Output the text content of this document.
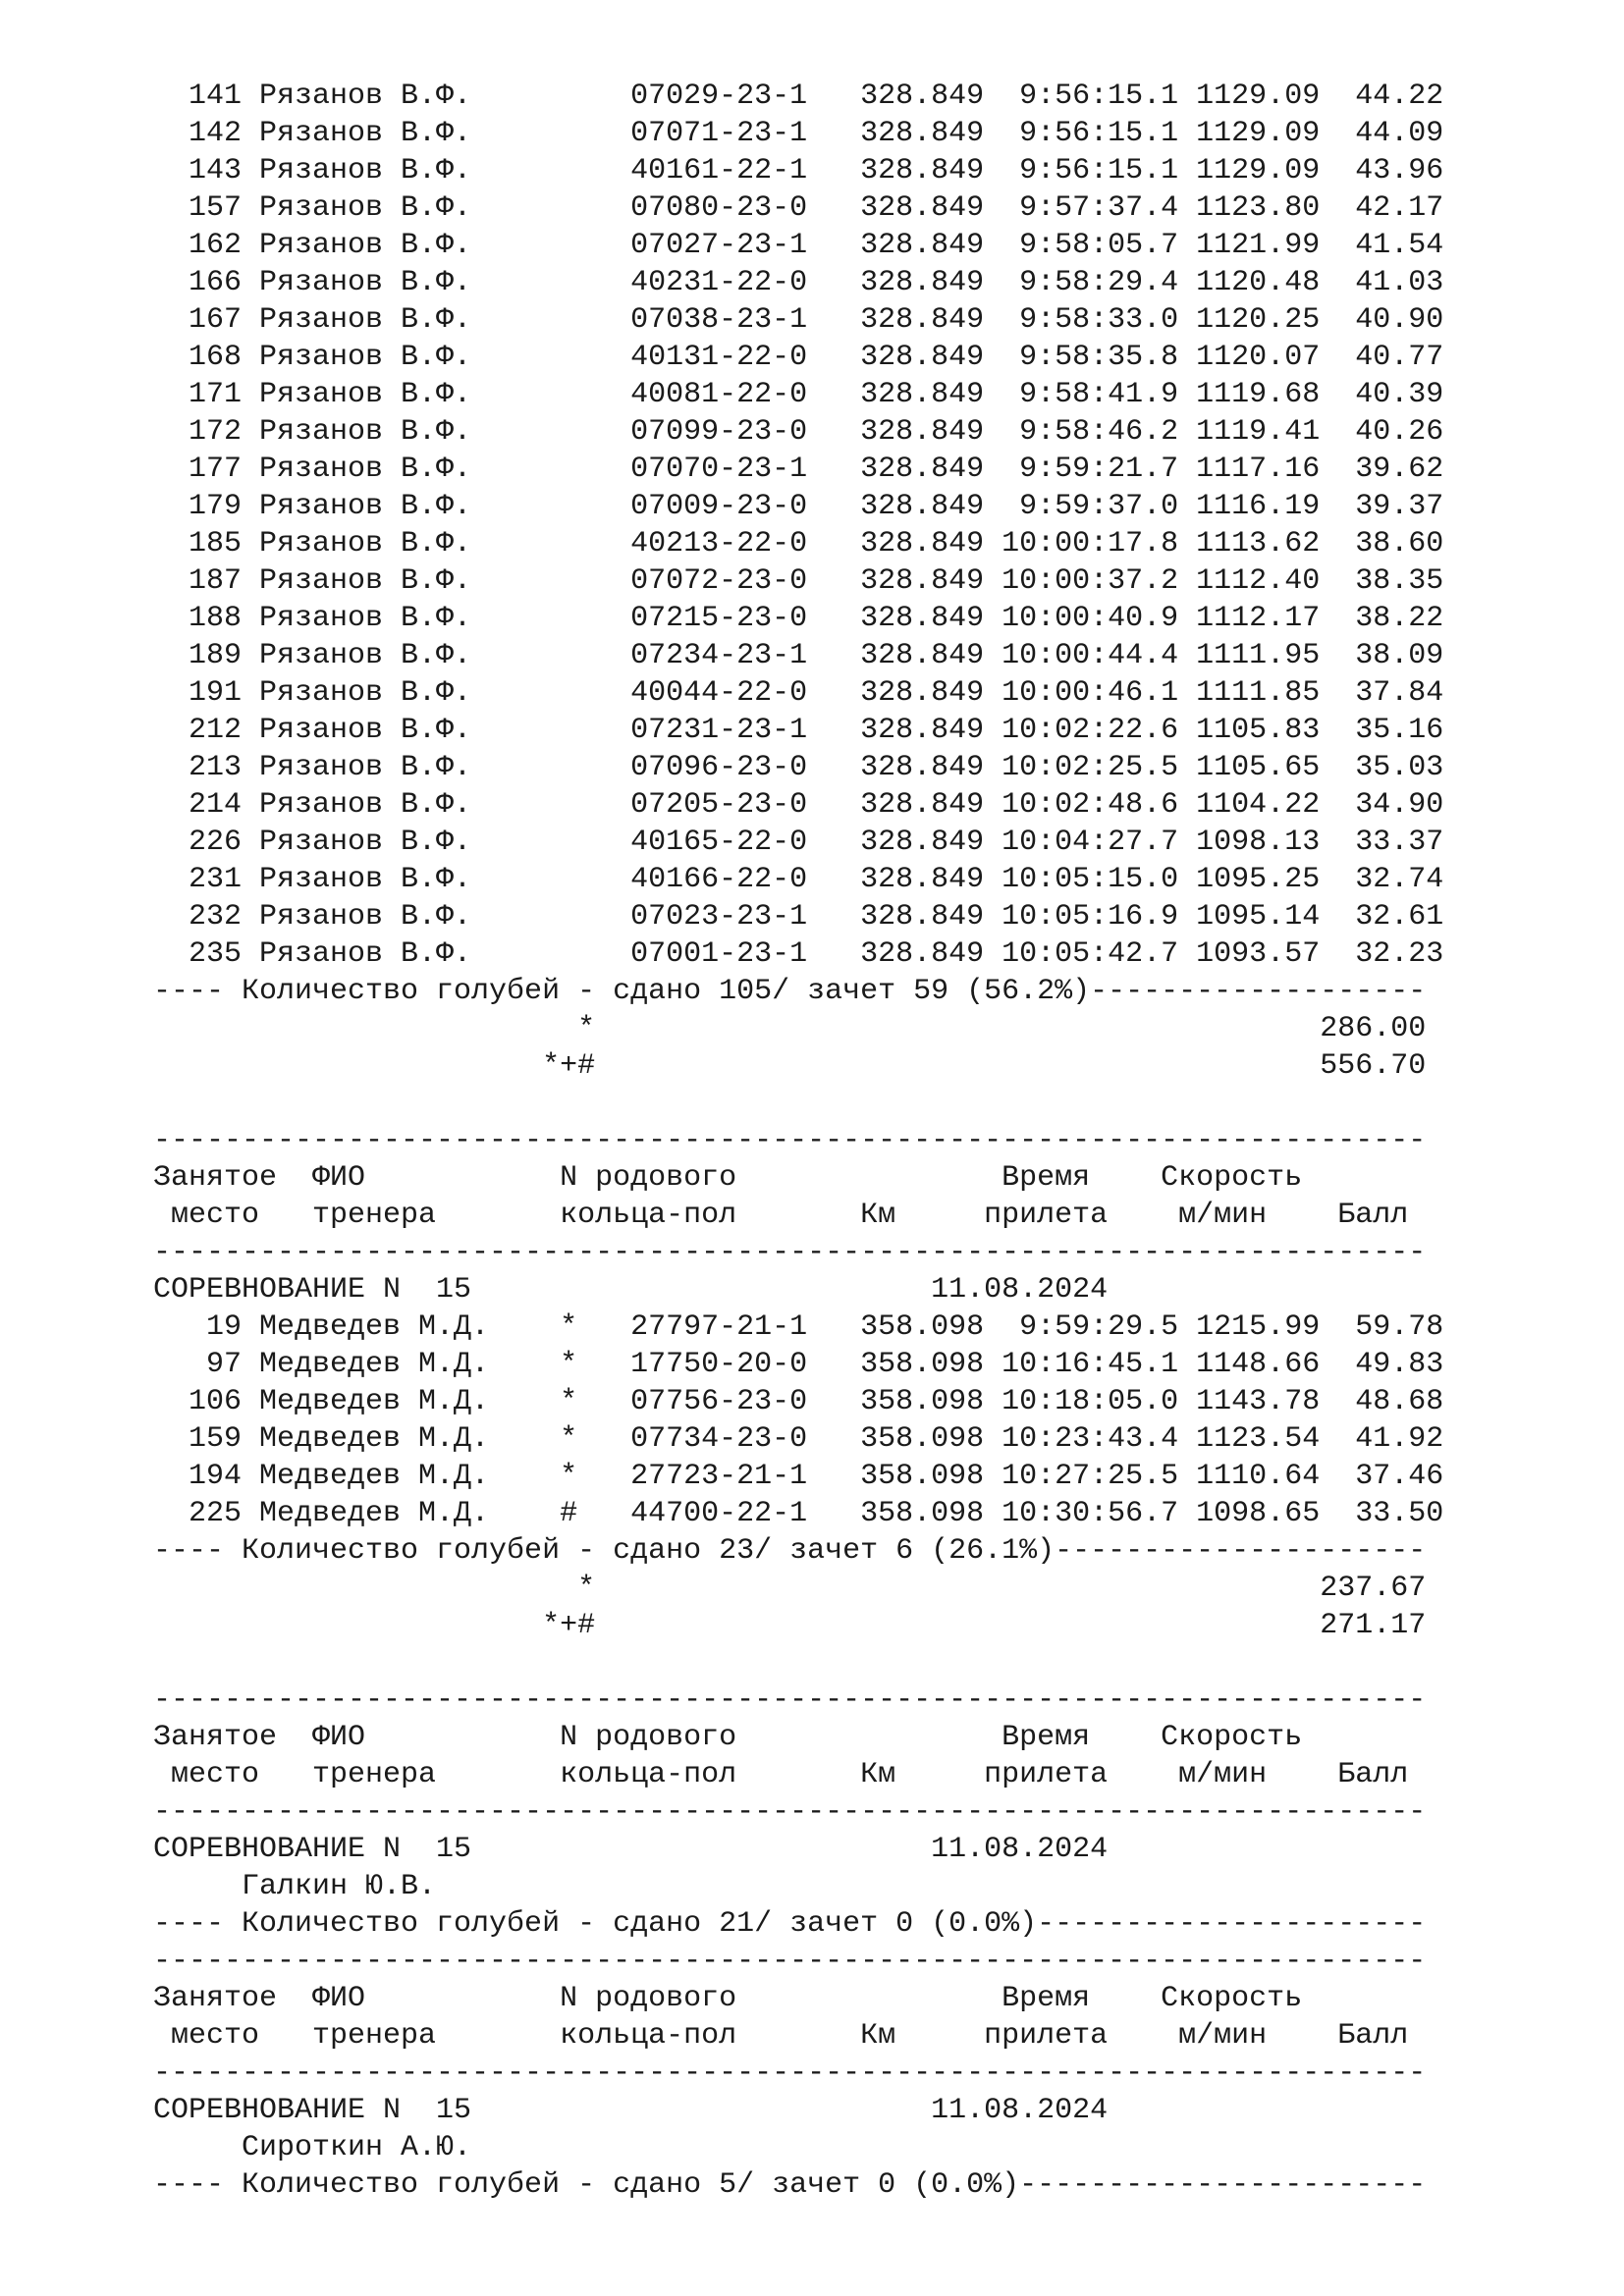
141 Рязанов В.Ф.         07029-23-1   328.849  9:56:15.1 1129.09  44.22
142 Рязанов В.Ф.         07071-23-1   328.849  9:56:15.1 1129.09  44.09
143 Рязанов В.Ф.         40161-22-1   328.849  9:56:15.1 1129.09  43.96
157 Рязанов В.Ф.         07080-23-0   328.849  9:57:37.4 1123.80  42.17
162 Рязанов В.Ф.         07027-23-1   328.849  9:58:05.7 1121.99  41.54
166 Рязанов В.Ф.         40231-22-0   328.849  9:58:29.4 1120.48  41.03
167 Рязанов В.Ф.         07038-23-1   328.849  9:58:33.0 1120.25  40.90
168 Рязанов В.Ф.         40131-22-0   328.849  9:58:35.8 1120.07  40.77
171 Рязанов В.Ф.         40081-22-0   328.849  9:58:41.9 1119.68  40.39
172 Рязанов В.Ф.         07099-23-0   328.849  9:58:46.2 1119.41  40.26
177 Рязанов В.Ф.         07070-23-1   328.849  9:59:21.7 1117.16  39.62
179 Рязанов В.Ф.         07009-23-0   328.849  9:59:37.0 1116.19  39.37
185 Рязанов В.Ф.         40213-22-0   328.849 10:00:17.8 1113.62  38.60
187 Рязанов В.Ф.         07072-23-0   328.849 10:00:37.2 1112.40  38.35
188 Рязанов В.Ф.         07215-23-0   328.849 10:00:40.9 1112.17  38.22
189 Рязанов В.Ф.         07234-23-1   328.849 10:00:44.4 1111.95  38.09
191 Рязанов В.Ф.         40044-22-0   328.849 10:00:46.1 1111.85  37.84
212 Рязанов В.Ф.         07231-23-1   328.849 10:02:22.6 1105.83  35.16
213 Рязанов В.Ф.         07096-23-0   328.849 10:02:25.5 1105.65  35.03
214 Рязанов В.Ф.         07205-23-0   328.849 10:02:48.6 1104.22  34.90
226 Рязанов В.Ф.         40165-22-0   328.849 10:04:27.7 1098.13  33.37
231 Рязанов В.Ф.         40166-22-0   328.849 10:05:15.0 1095.25  32.74
232 Рязанов В.Ф.         07023-23-1   328.849 10:05:16.9 1095.14  32.61
235 Рязанов В.Ф.         07001-23-1   328.849 10:05:42.7 1093.57  32.23
---- Количество голубей - сдано 105/ зачет 59 (56.2%)-------------------
*                                         286.00
*+#                                         556.70
------------------------------------------------------------------------
Занятое  ФИО           N родового               Время    Скорость
место   тренера       кольца-пол       Км     прилета    м/мин    Балл
------------------------------------------------------------------------
СОРЕВНОВАНИЕ N  15                          11.08.2024
19 Медведев М.Д.    *   27797-21-1   358.098  9:59:29.5 1215.99  59.78
97 Медведев М.Д.    *   17750-20-0   358.098 10:16:45.1 1148.66  49.83
106 Медведев М.Д.    *   07756-23-0   358.098 10:18:05.0 1143.78  48.68
159 Медведев М.Д.    *   07734-23-0   358.098 10:23:43.4 1123.54  41.92
194 Медведев М.Д.    *   27723-21-1   358.098 10:27:25.5 1110.64  37.46
225 Медведев М.Д.    #   44700-22-1   358.098 10:30:56.7 1098.65  33.50
---- Количество голубей - сдано 23/ зачет 6 (26.1%)---------------------
*                                         237.67
*+#                                         271.17
------------------------------------------------------------------------
Занятое  ФИО           N родового               Время    Скорость
место   тренера       кольца-пол       Км     прилета    м/мин    Балл
------------------------------------------------------------------------
СОРЕВНОВАНИЕ N  15                          11.08.2024
Галкин Ю.В.
---- Количество голубей - сдано 21/ зачет 0 (0.0%)----------------------
------------------------------------------------------------------------
Занятое  ФИО           N родового               Время    Скорость
место   тренера       кольца-пол       Км     прилета    м/мин    Балл
------------------------------------------------------------------------
СОРЕВНОВАНИЕ N  15                          11.08.2024
Сироткин А.Ю.
---- Количество голубей - сдано 5/ зачет 0 (0.0%)-----------------------
